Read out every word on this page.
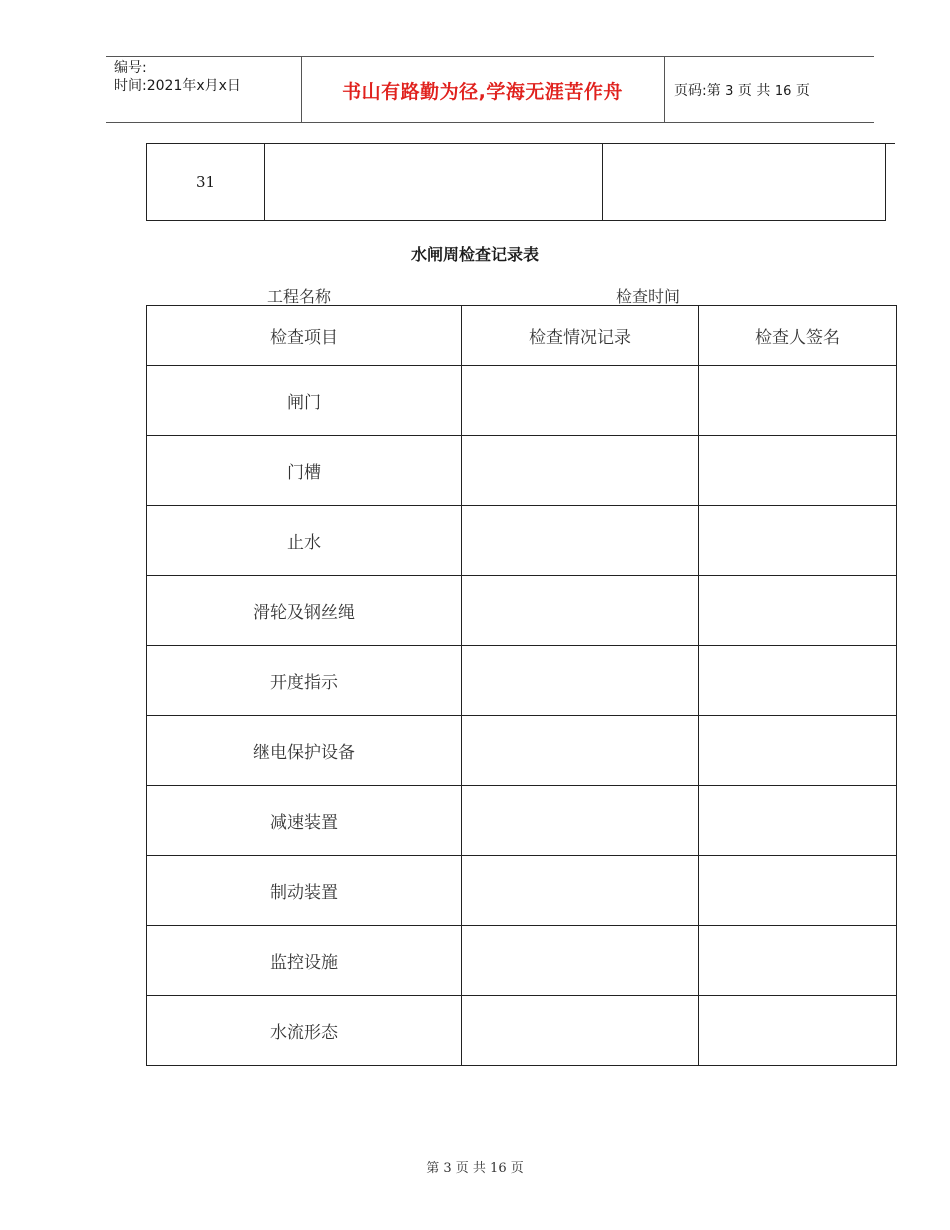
编号:
时间:2021年x月x日	书山有路勤为径,学海无涯苦作舟	页码:第 3 页 共 16 页
31		
水闸周检查记录表
工程名称	检查时间
检查项目	检查情况记录	检查人签名
闸门		
门槽		
止水		
滑轮及钢丝绳		
开度指示		
继电保护设备		
减速装置		
制动装置		
监控设施		
水流形态		
第 3 页 共 16 页
